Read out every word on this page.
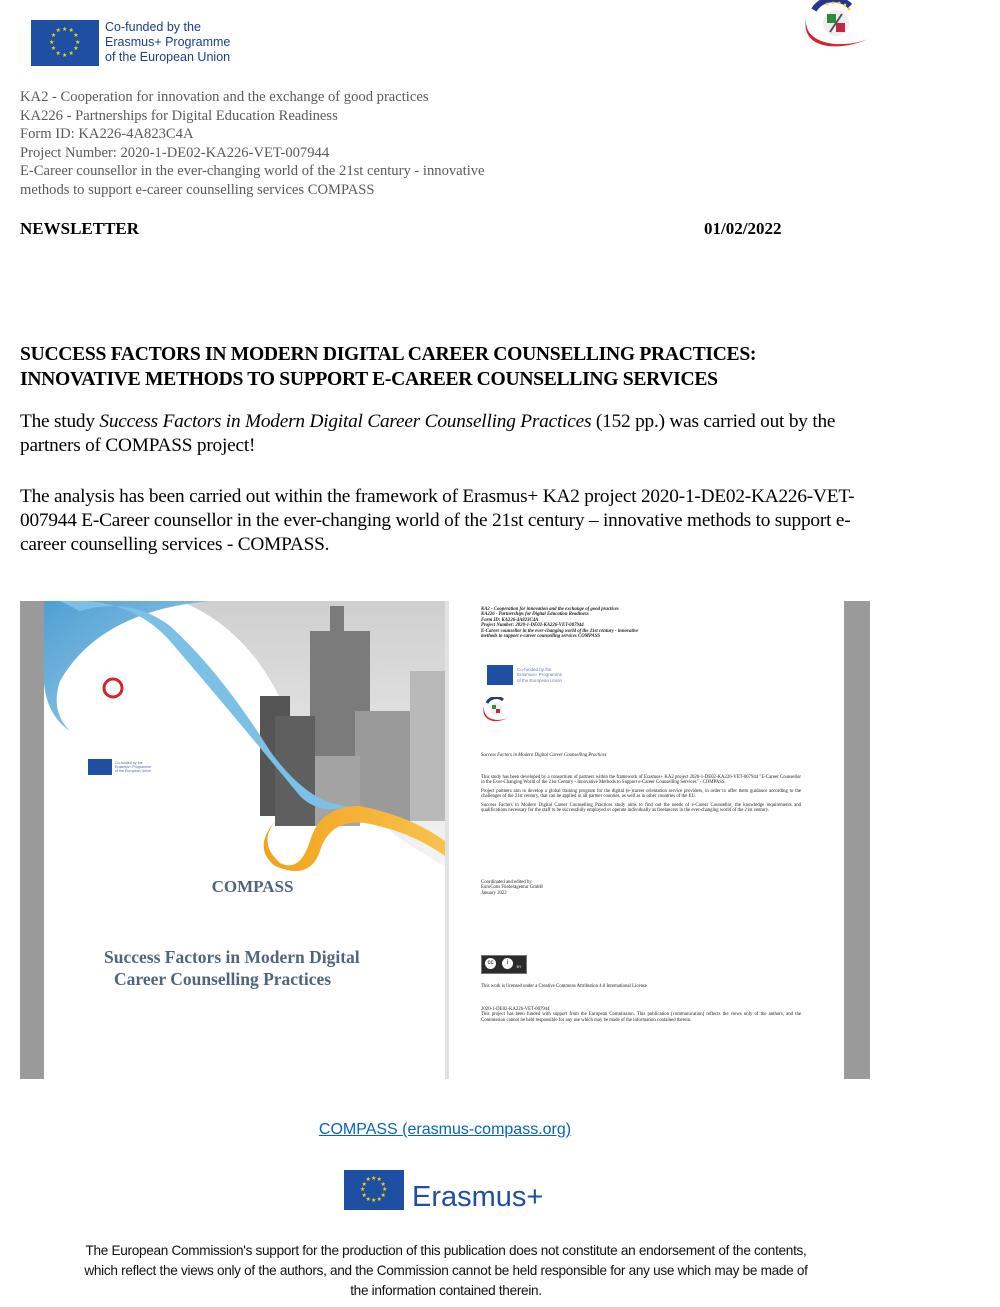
★ ★
★
★
★
★
★
★
★
★
★
★	Co-funded by the
Erasmus+ Programme
of the European Union
KA2 - Cooperation for innovation and the exchange of good practices
KA226 - Partnerships for Digital Education Readiness
Form ID: KA226-4A823C4A
Project Number: 2020-1-DE02-KA226-VET-007944
E-Career counsellor in the ever-changing world of the 21st century - innovative
methods to support e-career counselling services COMPASS
NEWSLETTER	01/02/2022
SUCCESS FACTORS IN MODERN DIGITAL CAREER COUNSELLING PRACTICES:
INNOVATIVE METHODS TO SUPPORT E-CAREER COUNSELLING SERVICES
The study Success Factors in Modern Digital Career Counselling Practices (152 pp.) was carried out by the partners of COMPASS project!
The analysis has been carried out within the framework of Erasmus+ KA2 project 2020-1-DE02-KA226-VET-007944 E-Career counsellor in the ever-changing world of the 21st century – innovative methods to support e-career counselling services - COMPASS.
Co-funded by the
Erasmus+ Programme
of the European Union
COMPASS
Success Factors in Modern Digital
Career Counselling Practices
KA2 - Cooperation for innovation and the exchange of good practices
KA226 - Partnerships for Digital Education Readiness
Form ID: KA226-4A823C4A
Project Number: 2020-1-DE02-KA226-VET-007944
E-Career counsellor in the ever-changing world of the 21st century - innovative
methods to support e-career counselling services COMPASS
Co-funded by the
Erasmus+ Programme
of the European Union
Success Factors in Modern Digital Career Counselling Practices

This study has been developed by a consortium of partners within the framework of Erasmus+ KA2 project 2020-1-DE02-KA226-VET-007944 "E-Career Counsellor in the Ever-Changing World of the 21st Century - Innovative Methods to Support e-Career Counselling Services" - COMPASS.

Project partners aim to develop a global training program for the digital (e-)career orientation service providers, in order to offer them guidance according to the challenges of the 21st century, that can be applied in all partner counties, as well as in other countries of the EU.

Success Factors in Modern Digital Career Counselling Practices study aims to find out the needs of e-Career Counsellor, the knowledge requirements and qualifications necessary for the staff to be successfully employed or operate individually as freelancers in the ever-changing world of the 21st century.

Coordinated and edited by
EuroCons Förderagentur GmbH
January 2022
cc	i
BY
This work is licensed under a Creative Commons Attribution 4.0 International License
2020-1-DE02-KA226-VET-007944
This project has been funded with support from the European Commission. This publication [communication] reflects the views only of the authors, and the Commission cannot be held responsible for any use which may be made of the information contained therein.
COMPASS (erasmus-compass.org)
★ ★
★
★
★
★
★
★
★
★
★
★
Erasmus+
The European Commission's support for the production of this publication does not constitute an endorsement of the contents,
which reflect the views only of the authors, and the Commission cannot be held responsible for any use which may be made of
the information contained therein.
